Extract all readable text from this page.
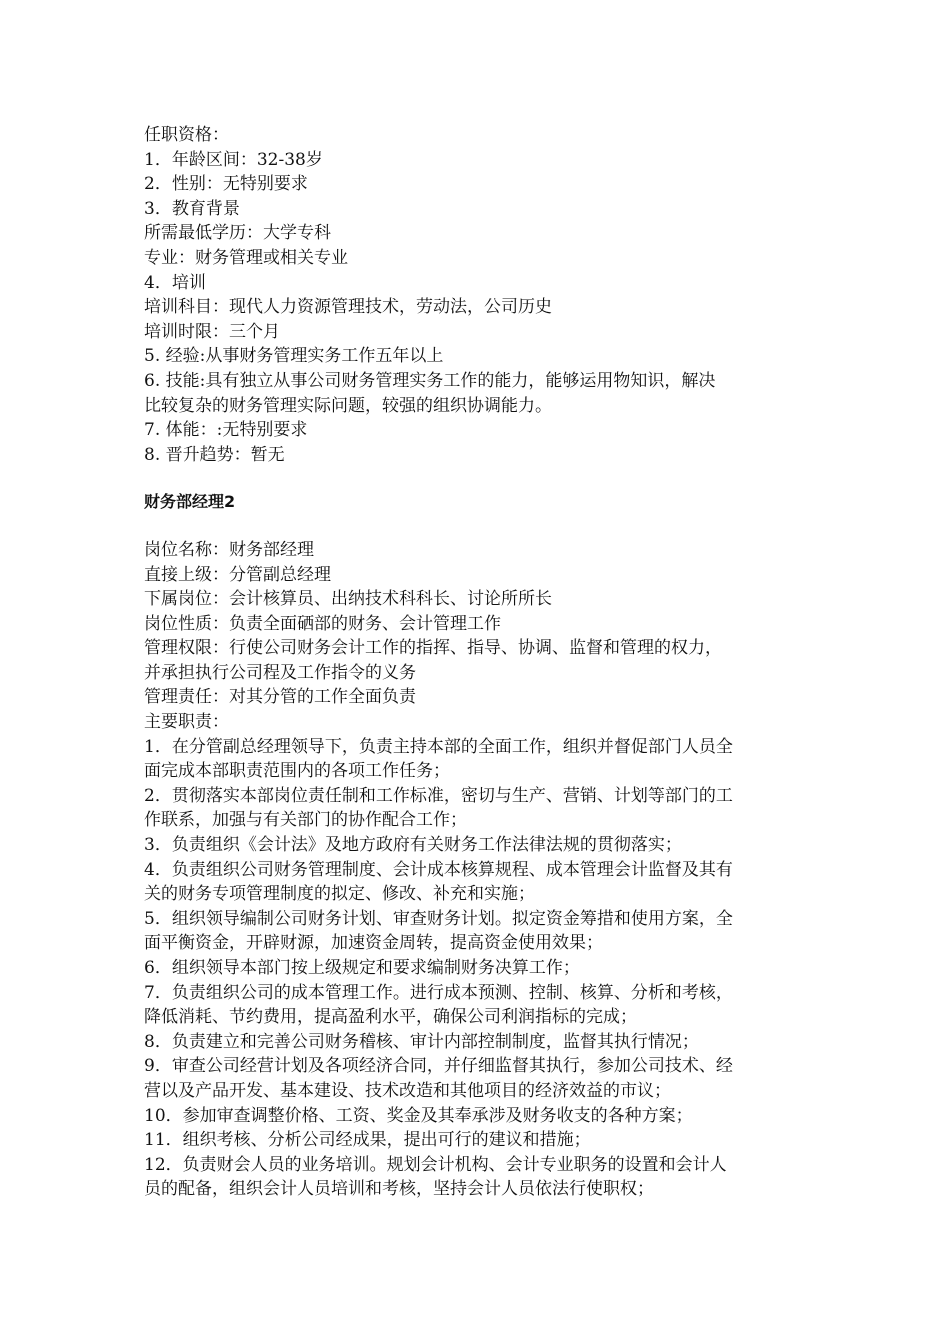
任职资格：
1．年龄区间：32-38岁
2．性别：无特别要求
3．教育背景
所需最低学历：大学专科
专业：财务管理或相关专业
4．培训
培训科目：现代人力资源管理技术，劳动法，公司历史
培训时限：三个月
5. 经验:从事财务管理实务工作五年以上
6. 技能:具有独立从事公司财务管理实务工作的能力，能够运用物知识，解决
比较复杂的财务管理实际问题，较强的组织协调能力。
7. 体能：:无特别要求
8. 晋升趋势：暂无
财务部经理2
岗位名称：财务部经理
直接上级：分管副总经理
下属岗位：会计核算员、出纳技术科科长、讨论所所长
岗位性质：负责全面硒部的财务、会计管理工作
管理权限：行使公司财务会计工作的指挥、指导、协调、监督和管理的权力，
并承担执行公司程及工作指令的义务
管理责任：对其分管的工作全面负责
主要职责：
1．在分管副总经理领导下，负责主持本部的全面工作，组织并督促部门人员全
面完成本部职责范围内的各项工作任务；
2．贯彻落实本部岗位责任制和工作标准，密切与生产、营销、计划等部门的工
作联系，加强与有关部门的协作配合工作；
3．负责组织《会计法》及地方政府有关财务工作法律法规的贯彻落实；
4．负责组织公司财务管理制度、会计成本核算规程、成本管理会计监督及其有
关的财务专项管理制度的拟定、修改、补充和实施；
5．组织领导编制公司财务计划、审查财务计划。拟定资金筹措和使用方案，全
面平衡资金，开辟财源，加速资金周转，提高资金使用效果；
6．组织领导本部门按上级规定和要求编制财务决算工作；
7．负责组织公司的成本管理工作。进行成本预测、控制、核算、分析和考核，
降低消耗、节约费用，提高盈利水平，确保公司利润指标的完成；
8．负责建立和完善公司财务稽核、审计内部控制制度，监督其执行情况；
9．审查公司经营计划及各项经济合同，并仔细监督其执行，参加公司技术、经
营以及产品开发、基本建设、技术改造和其他项目的经济效益的市议；
10．参加审查调整价格、工资、奖金及其奉承涉及财务收支的各种方案；
11．组织考核、分析公司经成果，提出可行的建议和措施；
12．负责财会人员的业务培训。规划会计机构、会计专业职务的设置和会计人
员的配备，组织会计人员培训和考核，坚持会计人员依法行使职权；
